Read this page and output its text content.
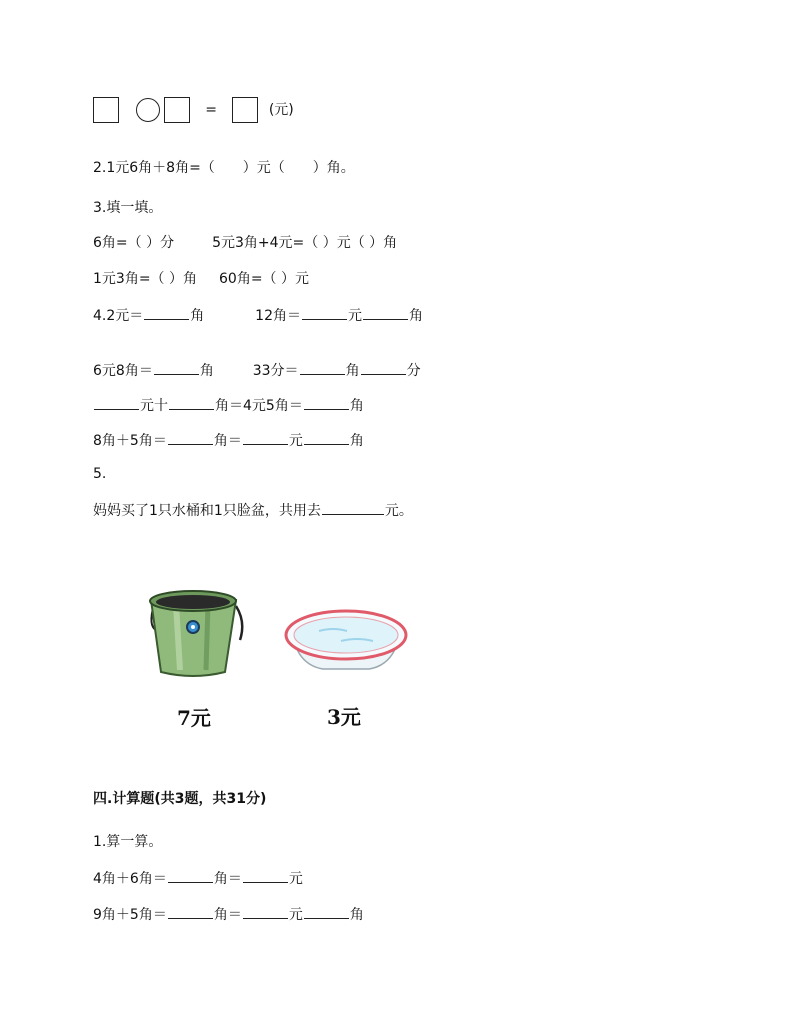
=	(元)
2.1元6角＋8角=（　　）元（　　）角。
3.填一填。
6角=（ ）分	5元3角+4元=（ ）元（ ）角
1元3角=（ ）角 60角=（ ）元
4.2元＝	角	12角＝	元	角
6元8角＝	角	33分＝	角	分
元十	角＝4元5角＝	角
8角＋5角＝	角＝	元	角
5.
妈妈买了1只水桶和1只脸盆，共用去	元。
7元	3元
四.计算题(共3题，共31分)
1.算一算。
4角＋6角＝	角＝	元
9角＋5角＝	角＝	元	角
